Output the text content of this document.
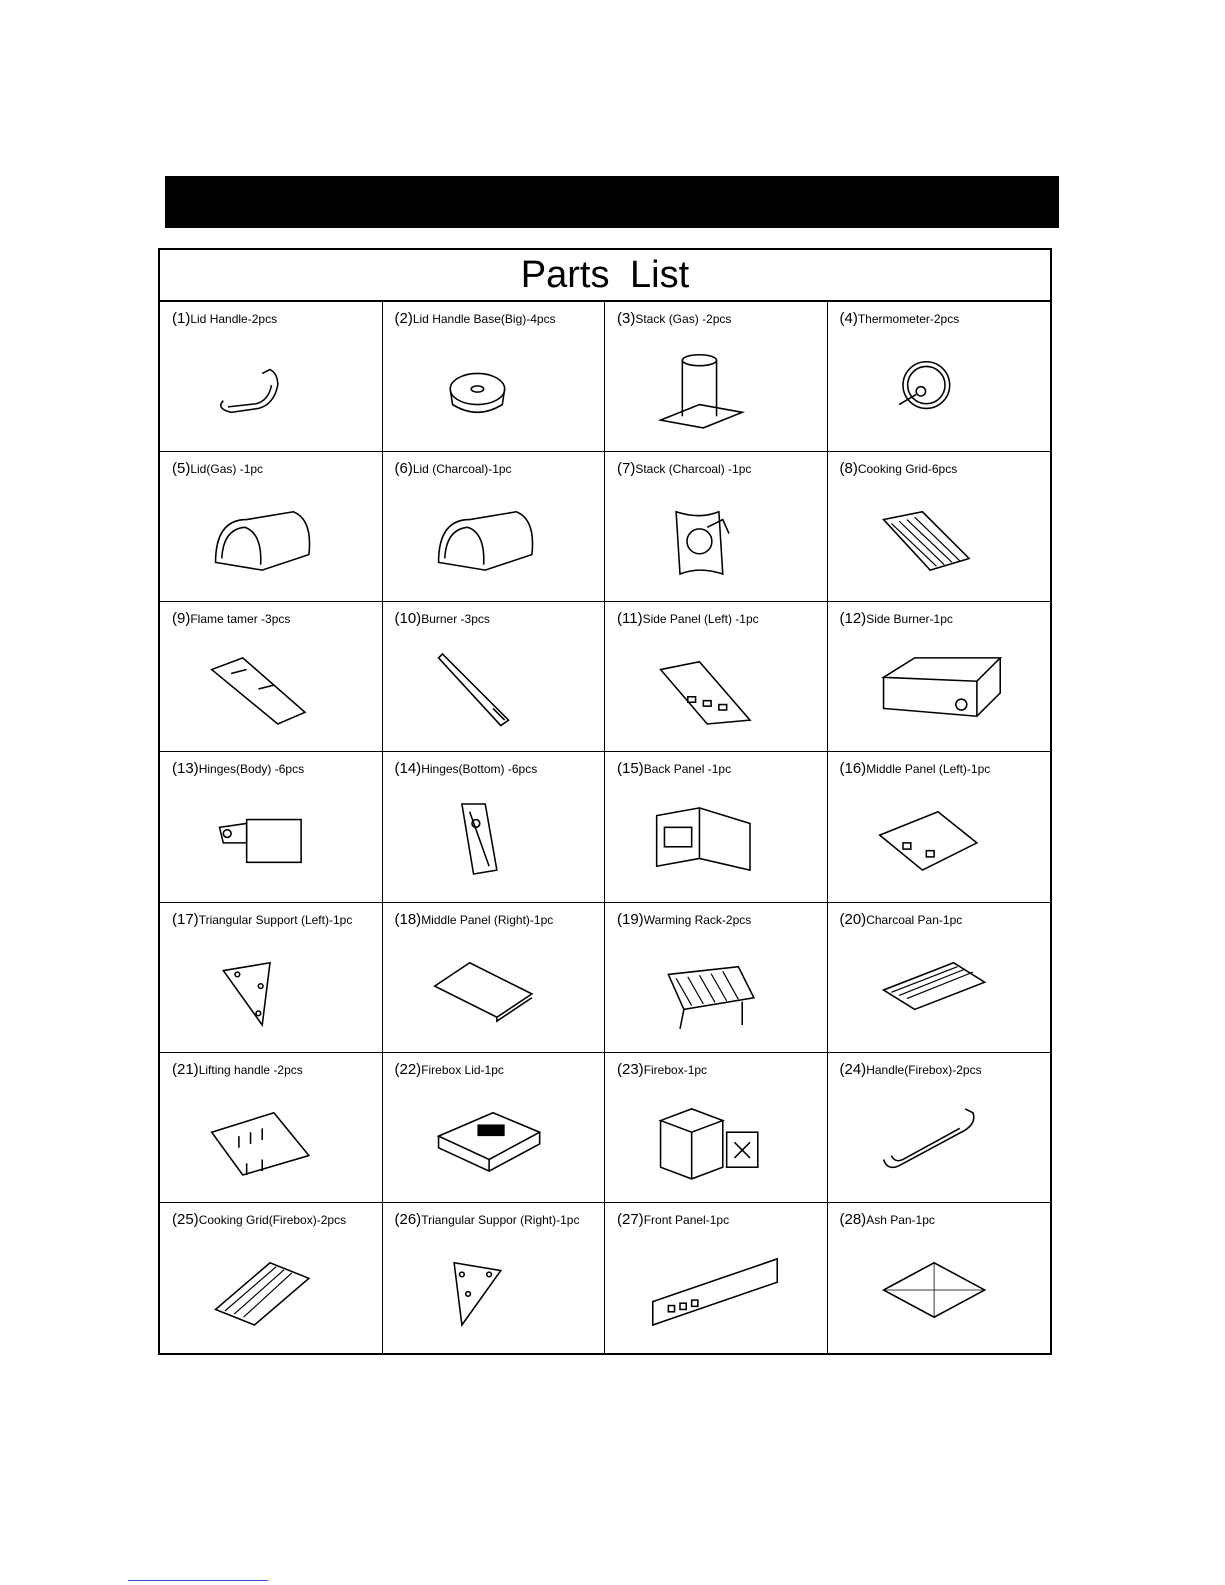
Parts List
(1)Lid Handle-2pcs	(2)Lid Handle Base(Big)-4pcs	(3)Stack (Gas) -2pcs	(4)Thermometer-2pcs
(5)Lid(Gas) -1pc	(6)Lid (Charcoal)-1pc	(7)Stack (Charcoal) -1pc	(8)Cooking Grid-6pcs
(9)Flame tamer -3pcs	(10)Burner -3pcs	(11)Side Panel (Left) -1pc	(12)Side Burner-1pc
(13)Hinges(Body) -6pcs	(14)Hinges(Bottom) -6pcs	(15)Back Panel -1pc	(16)Middle Panel (Left)-1pc
(17)Triangular Support (Left)-1pc	(18)Middle Panel (Right)-1pc	(19)Warming Rack-2pcs	(20)Charcoal Pan-1pc
(21)Lifting handle -2pcs	(22)Firebox Lid-1pc	(23)Firebox-1pc	(24)Handle(Firebox)-2pcs
(25)Cooking Grid(Firebox)-2pcs	(26)Triangular Suppor (Right)-1pc	(27)Front Panel-1pc	(28)Ash Pan-1pc
